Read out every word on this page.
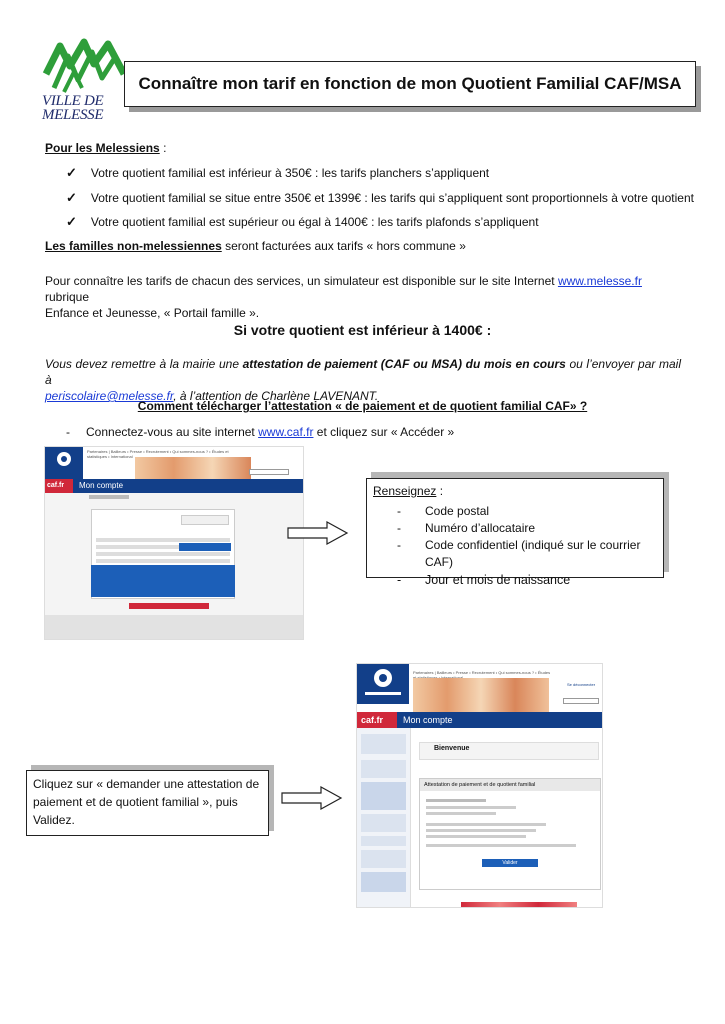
VILLE DE
MELESSE
Connaître mon tarif en fonction de mon Quotient Familial CAF/MSA
Pour les Melessiens :
✓ Votre quotient familial est inférieur à 350€ : les tarifs planchers s’appliquent
✓ Votre quotient familial se situe entre 350€ et 1399€ : les tarifs qui s’appliquent sont proportionnels à votre quotient
✓ Votre quotient familial est supérieur ou égal à 1400€ : les tarifs plafonds s’appliquent
Les familles non-melessiennes seront facturées aux tarifs « hors commune »
Pour connaître les tarifs de chacun des services, un simulateur est disponible sur le site Internet www.melesse.fr rubrique
Enfance et Jeunesse, « Portail famille ».
Si votre quotient est inférieur à 1400€ :
Vous devez remettre à la mairie une attestation de paiement (CAF ou MSA) du mois en cours ou l’envoyer par mail à
periscolaire@melesse.fr, à l’attention de Charlène LAVENANT.
Comment télécharger l’attestation « de paiement et de quotient familial CAF» ?
- Connectez-vous au site internet www.caf.fr et cliquez sur « Accéder »
Partenaires | Bailleurs • Presse • Recrutement • Qui sommes-nous ? • Études et statistiques • International
caf.fr	Mon compte	Renseignez :
- Code postal
- Numéro d’allocataire
- Code confidentiel (indiqué sur le courrier CAF)
- Jour et mois de naissance
Partenaires | Bailleurs • Presse • Recrutement • Qui sommes-nous ? • Études
Se déconnecter
caf.fr	Mon compte
Bienvenue
Attestation de paiement et de quotient familial
Valider
Cliquez sur « demander une attestation de paiement et de quotient familial », puis Validez.
